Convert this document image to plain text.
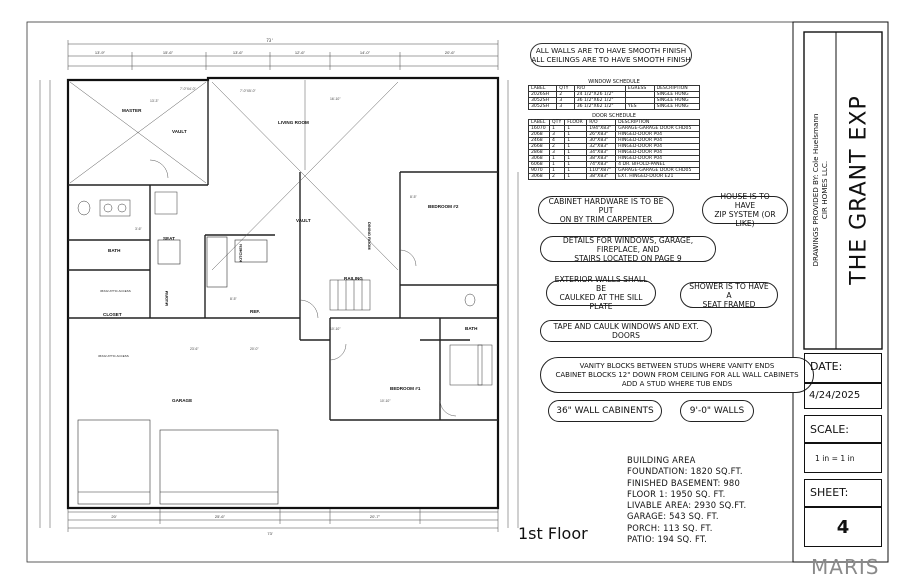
73'
13'-9"	15'-6"	13'-6"	12'-6"	14'-0"	20'-6"
73'
20'	25'-6"	20'-7"
7'-0"X4'-0"	7'-0"X5'-0"
13'-3"	16'-10"
3'-6"
10'-10"
8'-5"
8'-5"
10'-10"
20'-0"
23'-6"
MASTER
VAULT
LIVING ROOM
VAULT
BEDROOM #2
BATH
SEAT
CLOSET
RAILING
REF.
BATH
GARAGE
BEDROOM #1
KITCHEN
DINING ROOM
MUDRM
36X22 ATTIC ACCESS
36X22 ATTIC ACCESS
ALL WALLS ARE TO HAVE SMOOTH FINISH
ALL CEILINGS ARE TO HAVE SMOOTH FINISH
WINDOW SCHEDULE				
LABEL	QTY	R/O	EGRESS	DESCRIPTION
2026SH	2	24 1/2"X26 1/2"		SINGLE HUNG
3052SH	3	36 1/2"X62 1/2"		SINGLE HUNG
3052SH	3	36 1/2"X62 1/2"	YES	SINGLE HUNG
DOOR SCHEDULE				
LABEL	QTY	FLOOR	R/O	DESCRIPTION
16070	1	1	194"X83"	GARAGE-GARAGE DOOR CHD05
2068	3	1	26"X83"	HINGED-DOOR P04
2468	4	1	30"X83"	HINGED-DOOR P04
2668	2	1	32"X83"	HINGED-DOOR P04
2868	3	1	34"X83"	HINGED-DOOR P04
3068	1	1	38"X83"	HINGED-DOOR P04
6068	1	1	74"X83"	4 DR. BIFOLD-PANEL
9070	1	1	110"X87"	GARAGE-GARAGE DOOR CHD05
3068	2	1	38"X83"	EXT. HINGED-DOOR E21
CABINET HARDWARE IS TO BE PUT
ON BY TRIM CARPENTER
HOUSE IS TO HAVE
ZIP SYSTEM (OR LIKE)
DETAILS FOR WINDOWS, GARAGE, FIREPLACE, AND
STAIRS LOCATED ON PAGE 9
EXTERIOR WALLS SHALL BE
CAULKED AT THE SILL PLATE
SHOWER IS TO HAVE A
SEAT FRAMED
TAPE AND CAULK WINDOWS AND EXT. DOORS
VANITY BLOCKS BETWEEN STUDS WHERE VANITY ENDS
CABINET BLOCKS 12" DOWN FROM CEILING FOR ALL WALL CABINETS
ADD A STUD WHERE TUB ENDS
36" WALL CABINENTS	9'-0" WALLS
BUILDING AREA
FOUNDATION: 1820 SQ.FT.
FINISHED BASEMENT: 980
FLOOR 1: 1950 SQ. FT.
LIVABLE AREA: 2930 SQ.FT.
GARAGE: 543 SQ. FT.
PORCH: 113 SQ. FT.
PATIO: 194 SQ. FT.
1st Floor
THE GRANT EXP
DRAWINGS PROVIDED BY: Cole Huelsmann CIR HOMES LLC.
DATE:
4/24/2025
SCALE:
1 in = 1 in
SHEET:
4
MARIS
